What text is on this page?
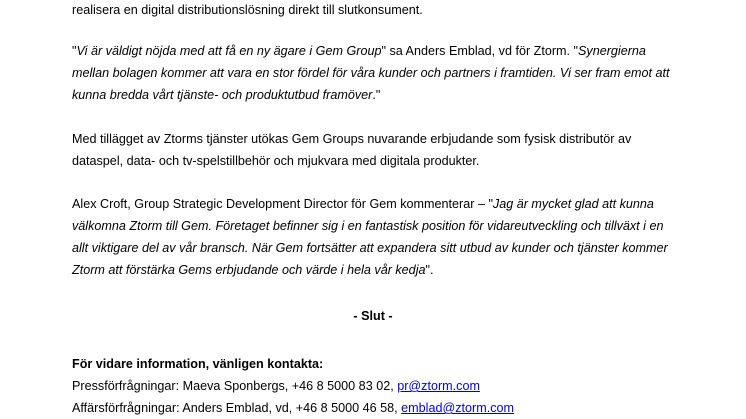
realisera en digital distributionslösning direkt till slutkonsument.
"Vi är väldigt nöjda med att få en ny ägare i Gem Group" sa Anders Emblad, vd för Ztorm. "Synergierna
mellan bolagen kommer att vara en stor fördel för våra kunder och partners i framtiden. Vi ser fram emot att
kunna bredda vårt tjänste- och produktutbud framöver."
Med tillägget av Ztorms tjänster utökas Gem Groups nuvarande erbjudande som fysisk distributör av
dataspel, data- och tv-spelstillbehör och mjukvara med digitala produkter.
Alex Croft, Group Strategic Development Director för Gem kommenterar – "Jag är mycket glad att kunna
välkomna Ztorm till Gem. Företaget befinner sig i en fantastisk position för vidareutveckling och tillväxt i en
allt viktigare del av vår bransch. När Gem fortsätter att expandera sitt utbud av kunder och tjänster kommer
Ztorm att förstärka Gems erbjudande och värde i hela vår kedja".
- Slut -
För vidare information, vänligen kontakta:
Pressförfrågningar: Maeva Sponbergs, +46 8 5000 83 02, pr@ztorm.com
Affärsförfrågningar: Anders Emblad, vd, +46 8 5000 46 58, emblad@ztorm.com
